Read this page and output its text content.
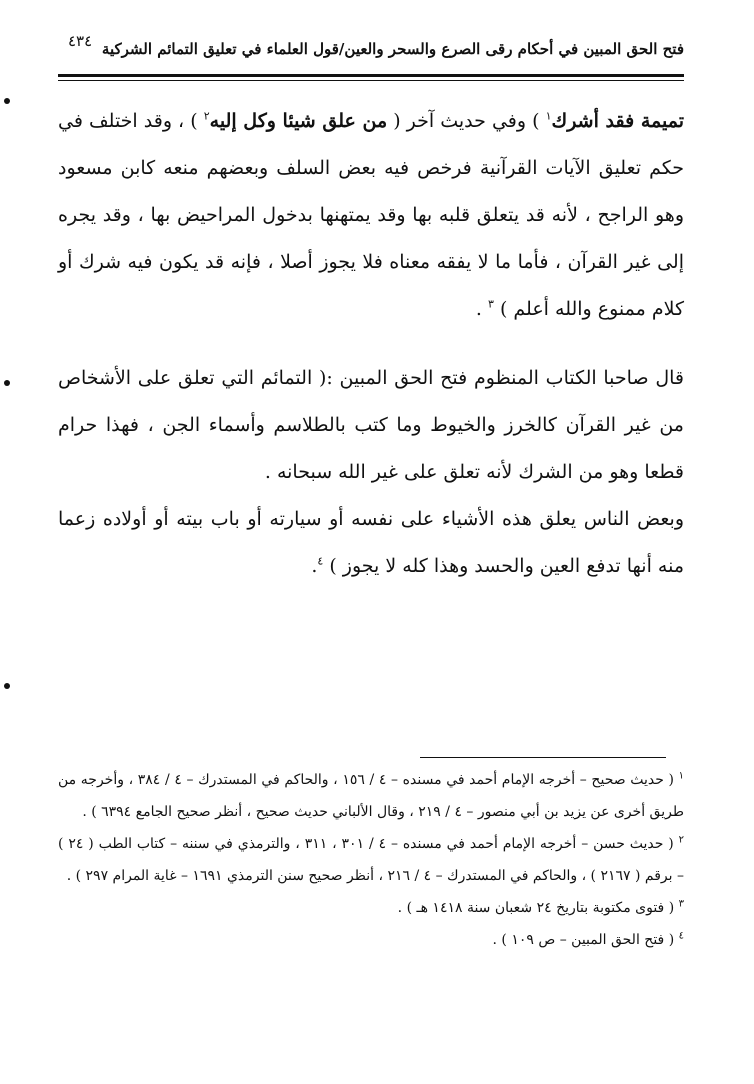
فتح الحق المبين في أحكام رقى الصرع والسحر والعين/قول العلماء في تعليق التمائم الشركية
٤٣٤

تميمة فقد أشرك$^١$ ) وفي حديث آخر ( من علق شيئا وكل إليه$^٢$ ) ، وقد اختلف في حكم تعليق الآيات القرآنية فرخص فيه بعض السلف وبعضهم منعه كابن مسعود وهو الراجح ، لأنه قد يتعلق قلبه بها وقد يمتهنها بدخول المراحيض بها ، وقد يجره إلى غير القرآن ، فأما ما لا يفقه معناه فلا يجوز أصلا ، فإنه قد يكون فيه شرك أو كلام ممنوع والله أعلم ) $^٣$ .

قال صاحبا الكتاب المنظوم فتح الحق المبين :( التمائم التي تعلق على الأشخاص من غير القرآن كالخرز والخيوط وما كتب بالطلاسم وأسماء الجن ، فهذا حرام قطعا وهو من الشرك لأنه تعلق على غير الله سبحانه .

وبعض الناس يعلق هذه الأشياء على نفسه أو سيارته أو باب بيته أو أولاده زعما منه أنها تدفع العين والحسد وهذا كله لا يجوز ) $^٤$.

$^١$ ( حديث صحيح – أخرجه الإمام أحمد في مسنده – ٤ / ١٥٦ ، والحاكم في المستدرك – ٤ / ٣٨٤ ، وأخرجه من طريق أخرى عن يزيد بن أبي منصور – ٤ / ٢١٩ ، وقال الألباني حديث صحيح ، أنظر صحيح الجامع ٦٣٩٤ ) .

$^٢$ ( حديث حسن – أخرجه الإمام أحمد في مسنده – ٤ / ٣٠١ ، ٣١١ ، والترمذي في سننه – كتاب الطب ( ٢٤ ) – برقم ( ٢١٦٧ ) ، والحاكم في المستدرك – ٤ / ٢١٦ ، أنظر صحيح سنن الترمذي ١٦٩١ – غاية المرام ٢٩٧ ) .

$^٣$ ( فتوى مكتوبة بتاريخ ٢٤ شعبان سنة ١٤١٨ هـ ) .

$^٤$ ( فتح الحق المبين – ص ١٠٩ ) .
